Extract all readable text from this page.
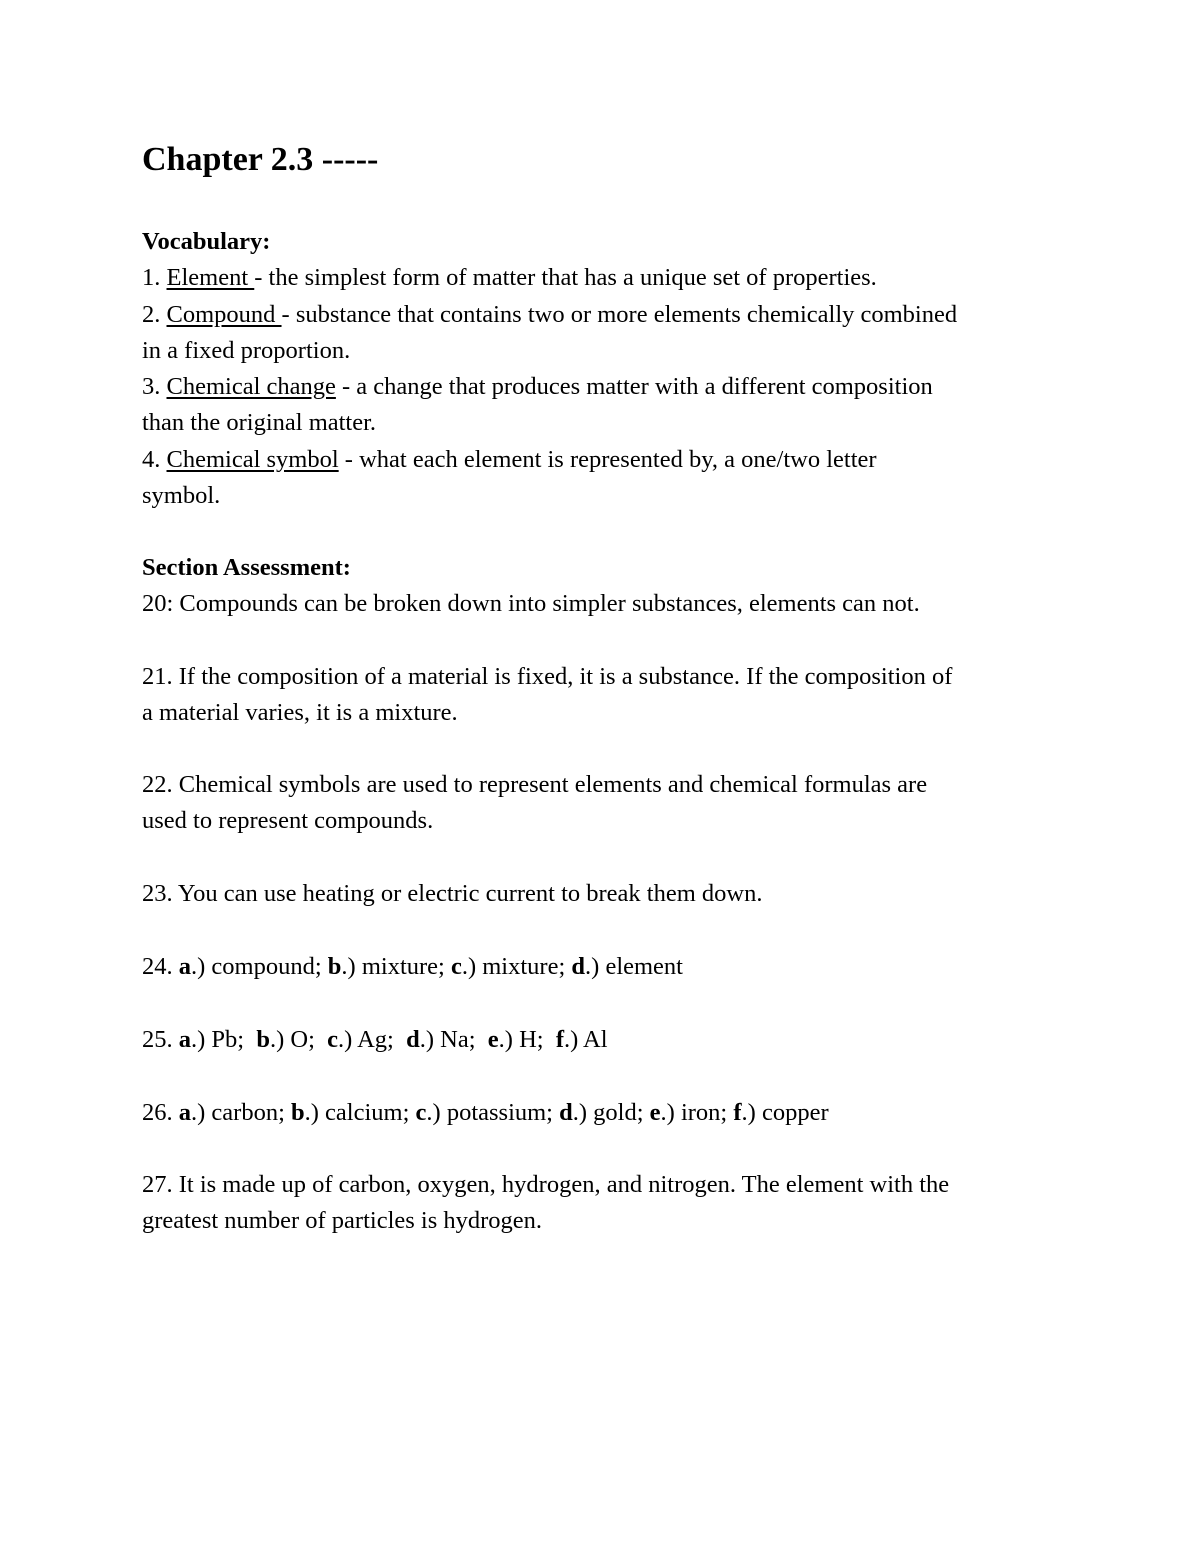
Chapter 2.3 -----
Vocabulary:
1. Element - the simplest form of matter that has a unique set of properties.
2. Compound - substance that contains two or more elements chemically combined
in a fixed proportion.
3. Chemical change - a change that produces matter with a different composition
than the original matter.
4. Chemical symbol - what each element is represented by, a one/two letter
symbol.
Section Assessment:
20: Compounds can be broken down into simpler substances, elements can not.
21. If the composition of a material is fixed, it is a substance. If the composition of
a material varies, it is a mixture.
22. Chemical symbols are used to represent elements and chemical formulas are
used to represent compounds.
23. You can use heating or electric current to break them down.
24. a.) compound; b.) mixture; c.) mixture; d.) element
25. a.) Pb;  b.) O;  c.) Ag;  d.) Na;  e.) H;  f.) Al
26. a.) carbon; b.) calcium; c.) potassium; d.) gold; e.) iron; f.) copper
27. It is made up of carbon, oxygen, hydrogen, and nitrogen. The element with the
greatest number of particles is hydrogen.
